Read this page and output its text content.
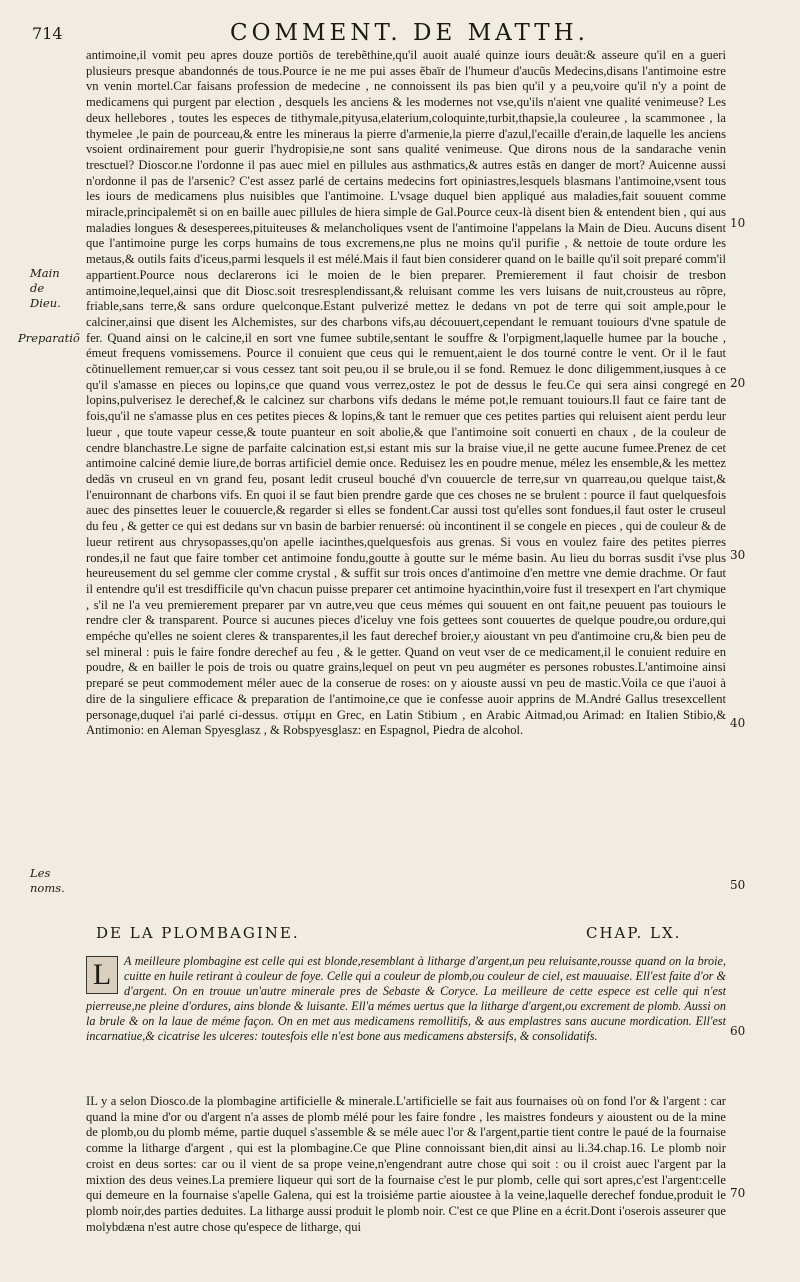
714	COMMENT. DE MATTH.
Main de Dieu.
Preparatiõ
Les noms.
10
20
30
40
50
60
70

antimoine,il vomit peu apres douze portiõs de terebẽthine,qu'il auoit aualé quinze iours deuãt:& asseure qu'il en a gueri plusieurs presque abandonnés de tous.Pource ie ne me pui asses ẽbaïr de l'humeur d'aucũs Medecins,disans l'antimoine estre vn venin mortel.Car faisans profession de medecine , ne connoissent ils pas bien qu'il y a peu,voire qu'il n'y a point de medicamens qui purgent par election , desquels les anciens & les modernes not vse,qu'ils n'aient vne qualité venimeuse? Les deux hellebores , toutes les especes de tithymale,pityusa,elaterium,coloquinte,turbit,thapsie,la couleuree , la scammonee , la thymelee ,le pain de pourceau,& entre les mineraus la pierre d'armenie,la pierre d'azul,l'ecaille d'erain,de laquelle les anciens vsoient ordinairement pour guerir l'hydropisie,ne sont sans qualité venimeuse. Que dirons nous de la sandarache venin tresctuel? Dioscor.ne l'ordonne il pas auec miel en pillules aus asthmatics,& autres estãs en danger de mort? Auicenne aussi n'ordonne il pas de l'arsenic? C'est assez parlé de certains medecins fort opiniastres,lesquels blasmans l'antimoine,vsent tous les iours de medicamens plus nuisibles que l'antimoine. L'vsage duquel bien appliqué aus maladies,fait souuent comme miracle,principalemẽt si on en baille auec pillules de hiera simple de Gal.Pource ceux-là disent bien & entendent bien , qui aus maladies longues & desesperees,pituiteuses & melancholiques vsent de l'antimoine l'appelans la Main de Dieu. Aucuns disent que l'antimoine purge les corps humains de tous excremens,ne plus ne moins qu'il purifie , & nettoie de toute ordure les metaus,& outils faits d'iceus,parmi lesquels il est mélé.Mais il faut bien considerer quand on le baille qu'il soit preparé comm'il appartient.Pource nous declarerons ici le moien de le bien preparer. Premierement il faut choisir de tresbon antimoine,lequel,ainsi que dit Diosc.soit tresresplendissant,& reluisant comme les vers luisans de nuit,crousteus au rõpre, friable,sans terre,& sans ordure quelconque.Estant pulverizé mettez le dedans vn pot de terre qui soit ample,pour le calciner,ainsi que disent les Alchemistes, sur des charbons vifs,au découuert,cependant le remuant touiours d'vne spatule de fer. Quand ainsi on le calcine,il en sort vne fumee subtile,sentant le souffre & l'orpigment,laquelle humee par la bouche , émeut frequens vomissemens. Pource il conuient que ceus qui le remuent,aient le dos tourné contre le vent. Or il le faut cõtinuellement remuer,car si vous cessez tant soit peu,ou il se brule,ou il se fond. Remuez le donc diligemment,iusques à ce qu'il s'amasse en pieces ou lopins,ce que quand vous verrez,ostez le pot de dessus le feu.Ce qui sera ainsi congregé en lopins,pulverisez le derechef,& le calcinez sur charbons vifs dedans le méme pot,le remuant touiours.Il faut ce faire tant de fois,qu'il ne s'amasse plus en ces petites pieces & lopins,& tant le remuer que ces petites parties qui reluisent aient perdu leur lueur , que toute vapeur cesse,& toute puanteur en soit abolie,& que l'antimoine soit conuerti en chaux , de la couleur de cendre blanchastre.Le signe de parfaite calcination est,si estant mis sur la braise viue,il ne gette aucune fumee.Prenez de cet antimoine calciné demie liure,de borras artificiel demie once. Reduisez les en poudre menue, mélez les ensemble,& les mettez dedãs vn cruseul en vn grand feu, posant ledit cruseul bouché d'vn couuercle de terre,sur vn quarreau,ou quelque taist,& l'enuironnant de charbons vifs. En quoi il se faut bien prendre garde que ces choses ne se brulent : pource il faut quelquesfois auec des pinsettes leuer le couuercle,& regarder si elles se fondent.Car aussi tost qu'elles sont fondues,il faut oster le cruseul du feu , & getter ce qui est dedans sur vn basin de barbier renuersé: où incontinent il se congele en pieces , qui de couleur & de lueur retirent aus chrysopasses,qu'on apelle iacinthes,quelquesfois aus grenas. Si vous en voulez faire des petites pierres rondes,il ne faut que faire tomber cet antimoine fondu,goutte à goutte sur le méme basin. Au lieu du borras susdit i'vse plus heureusement du sel gemme cler comme crystal , & suffit sur trois onces d'antimoine d'en mettre vne demie drachme. Or faut il entendre qu'il est tresdifficile qu'vn chacun puisse preparer cet antimoine hyacinthin,voire fust il tresexpert en l'art chymique , s'il ne l'a veu premierement preparer par vn autre,veu que ceus mémes qui souuent en ont fait,ne peuuent pas touiours le rendre cler & transparent. Pource si aucunes pieces d'iceluy vne fois gettees sont couuertes de quelque poudre,ou ordure,qui empéche qu'elles ne soient cleres & transparentes,il les faut derechef broier,y aioustant vn peu d'antimoine cru,& bien peu de sel mineral : puis le faire fondre derechef au feu , & le getter. Quand on veut vser de ce medicament,il le conuient reduire en poudre, & en bailler le pois de trois ou quatre grains,lequel on peut vn peu augméter es persones robustes.L'antimoine ainsi preparé se peut commodement méler auec de la conserue de roses: on y aiouste aussi vn peu de mastic.Voila ce que i'auoi à dire de la singuliere efficace & preparation de l'antimoine,ce que ie confesse auoir apprins de M.André Gallus tresexcellent personage,duquel i'ai parlé ci-dessus. στίμμι en Grec, en Latin Stibium , en Arabic Aitmad,ou Arimad: en Italien Stibio,& Antimonio: en Aleman Spyesglasz , & Robspyesglasz: en Espagnol, Piedra de alcohol.

DE LA PLOMBAGINE.	CHAP. LX.
L	A meilleure plombagine est celle qui est blonde,resemblant à litharge d'argent,un peu reluisante,rousse quand on la broie, cuitte en huile retirant à couleur de foye. Celle qui a couleur de plomb,ou couleur de ciel, est mauuaise. Ell'est faite d'or & d'argent. On en trouue un'autre minerale pres de Sebaste & Coryce. La meilleure de cette espece est celle qui n'est pierreuse,ne pleine d'ordures, ains blonde & luisante. Ell'a mémes uertus que la litharge d'argent,ou excrement de plomb. Aussi on la brule & on la laue de méme façon. On en met aus medicamens remollitifs, & aus emplastres sans aucune mordication. Ell'est incarnatiue,& cicatrise les ulceres: toutesfois elle n'est bone aus medicamens abstersifs, & consolidatifs.

IL y a selon Diosco.de la plombagine artificielle & minerale.L'artificielle se fait aus fournaises où on fond l'or & l'argent : car quand la mine d'or ou d'argent n'a asses de plomb mélé pour les faire fondre , les maistres fondeurs y aioustent ou de la mine de plomb,ou du plomb méme, partie duquel s'assemble & se méle auec l'or & l'argent,partie tient contre le paué de la fournaise comme la litharge d'argent , qui est la plombagine.Ce que Pline connoissant bien,dit ainsi au li.34.chap.16. Le plomb noir croist en deus sortes: car ou il vient de sa prope veine,n'engendrant autre chose qui soit : ou il croist auec l'argent par la mixtion des deus veines.La premiere liqueur qui sort de la fournaise c'est le pur plomb, celle qui sort apres,c'est l'argent:celle qui demeure en la fournaise s'apelle Galena, qui est la troisiéme partie aioustee à la veine,laquelle derechef fondue,produit le plomb noir,des parties deduites. La litharge aussi produit le plomb noir. C'est ce que Pline en a écrit.Dont i'oserois asseurer que molybdæna n'est autre chose qu'espece de litharge, qui
